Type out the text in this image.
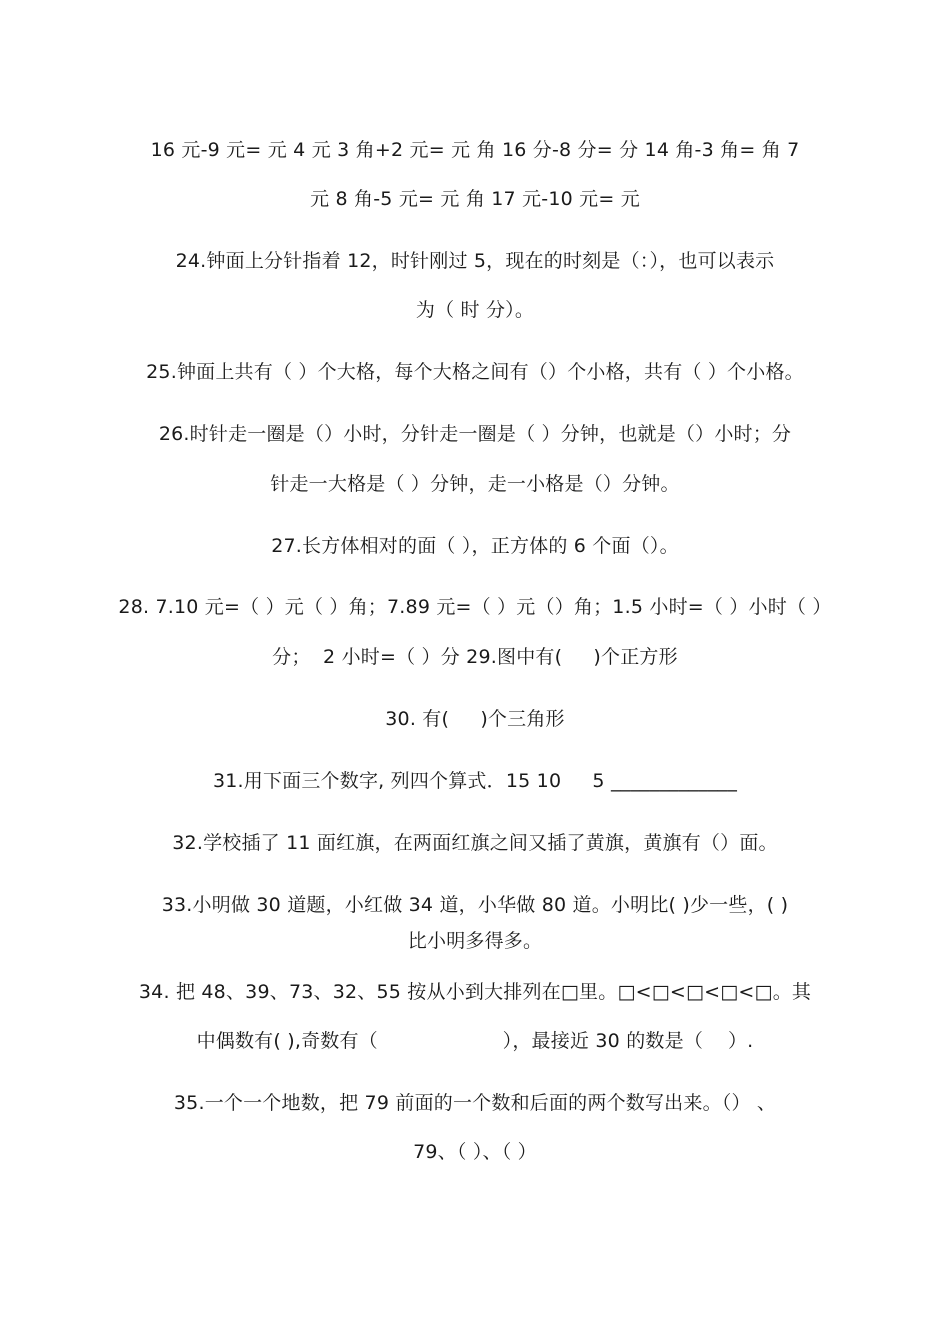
16 元-9 元= 元 4 元 3 角+2 元= 元 角 16 分-8 分= 分 14 角-3 角= 角 7
元 8 角-5 元= 元 角 17 元-10 元= 元
24.钟面上分针指着 12，时针刚过 5，现在的时刻是（：），也可以表示
为（ 时 分）。
25.钟面上共有（ ）个大格，每个大格之间有（）个小格，共有（ ）个小格。
26.时针走一圈是（）小时，分针走一圈是（ ）分钟，也就是（）小时；分
针走一大格是（ ）分钟，走一小格是（）分钟。
27.长方体相对的面（ ），正方体的 6 个面（）。
28. 7.10 元=（ ）元（ ）角；7.89 元=（ ）元（）角；1.5 小时=（ ）小时（ ）
分；  2 小时=（ ）分 29.图中有(     )个正方形
30. 有(     )个三角形
31.用下面三个数字, 列四个算式．15 10     5 _____________
32.学校插了 11 面红旗，在两面红旗之间又插了黄旗，黄旗有（）面。
33.小明做 30 道题，小红做 34 道，小华做 80 道。小明比( )少一些，( )
比小明多得多。
34. 把 48、39、73、32、55 按从小到大排列在□里。□<□<□<□<□。其
中偶数有( ),奇数有（                    ），最接近 30 的数是（    ）.
35.一个一个地数，把 79 前面的一个数和后面的两个数写出来。（） 、
79、（ ）、（ ）
